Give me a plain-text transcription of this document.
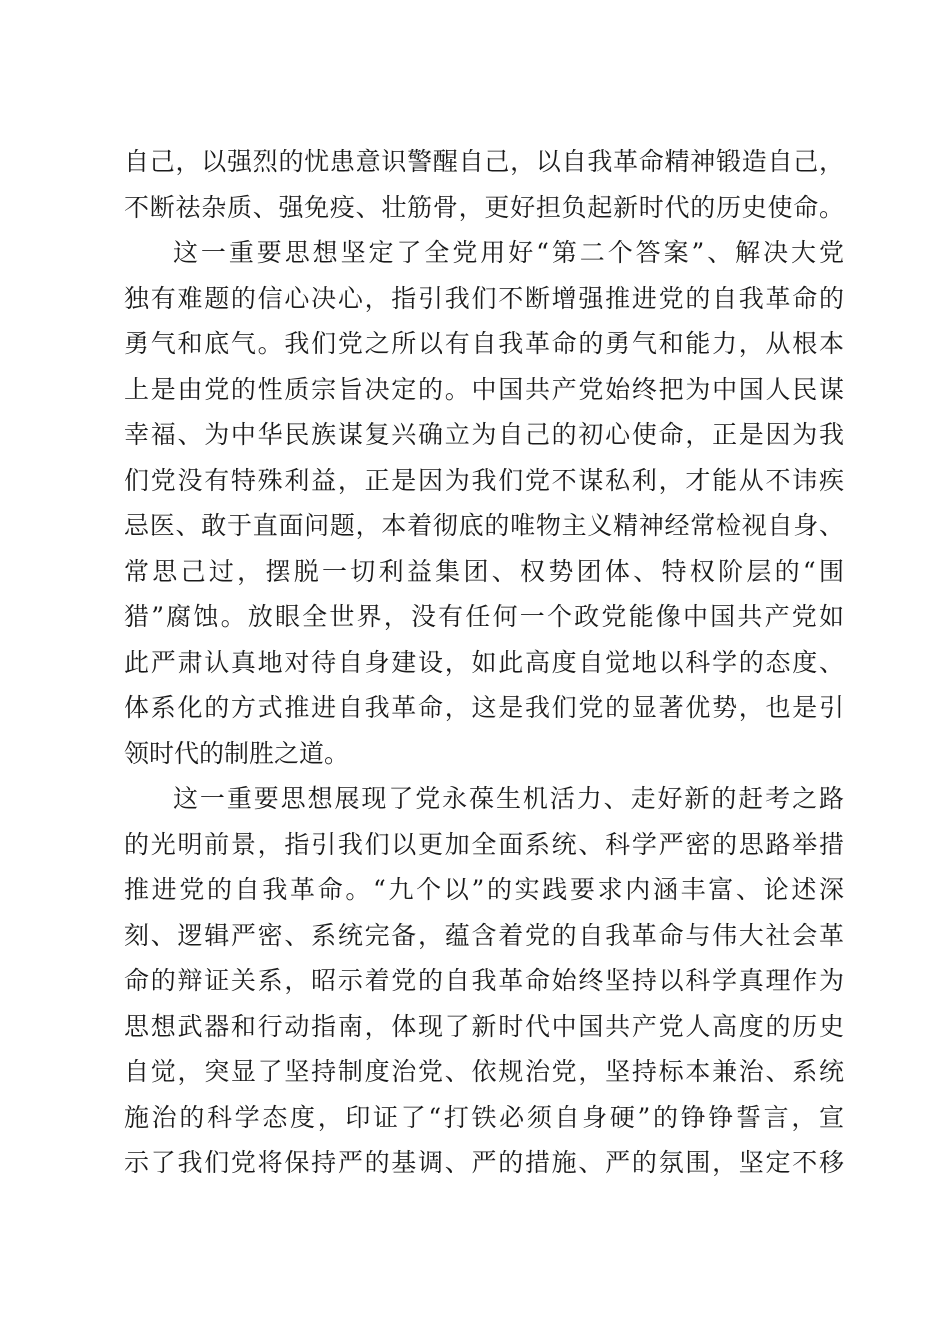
自己，以强烈的忧患意识警醒自己，以自我革命精神锻造自己，
不断祛杂质、强免疫、壮筋骨，更好担负起新时代的历史使命。
这一重要思想坚定了全党用好“第二个答案”、解决大党
独有难题的信心决心，指引我们不断增强推进党的自我革命的
勇气和底气。我们党之所以有自我革命的勇气和能力，从根本
上是由党的性质宗旨决定的。中国共产党始终把为中国人民谋
幸福、为中华民族谋复兴确立为自己的初心使命，正是因为我
们党没有特殊利益，正是因为我们党不谋私利，才能从不讳疾
忌医、敢于直面问题，本着彻底的唯物主义精神经常检视自身、
常思己过，摆脱一切利益集团、权势团体、特权阶层的“围
猎”腐蚀。放眼全世界，没有任何一个政党能像中国共产党如
此严肃认真地对待自身建设，如此高度自觉地以科学的态度、
体系化的方式推进自我革命，这是我们党的显著优势，也是引
领时代的制胜之道。
这一重要思想展现了党永葆生机活力、走好新的赶考之路
的光明前景，指引我们以更加全面系统、科学严密的思路举措
推进党的自我革命。“九个以”的实践要求内涵丰富、论述深
刻、逻辑严密、系统完备，蕴含着党的自我革命与伟大社会革
命的辩证关系，昭示着党的自我革命始终坚持以科学真理作为
思想武器和行动指南，体现了新时代中国共产党人高度的历史
自觉，突显了坚持制度治党、依规治党，坚持标本兼治、系统
施治的科学态度，印证了“打铁必须自身硬”的铮铮誓言，宣
示了我们党将保持严的基调、严的措施、严的氛围，坚定不移
